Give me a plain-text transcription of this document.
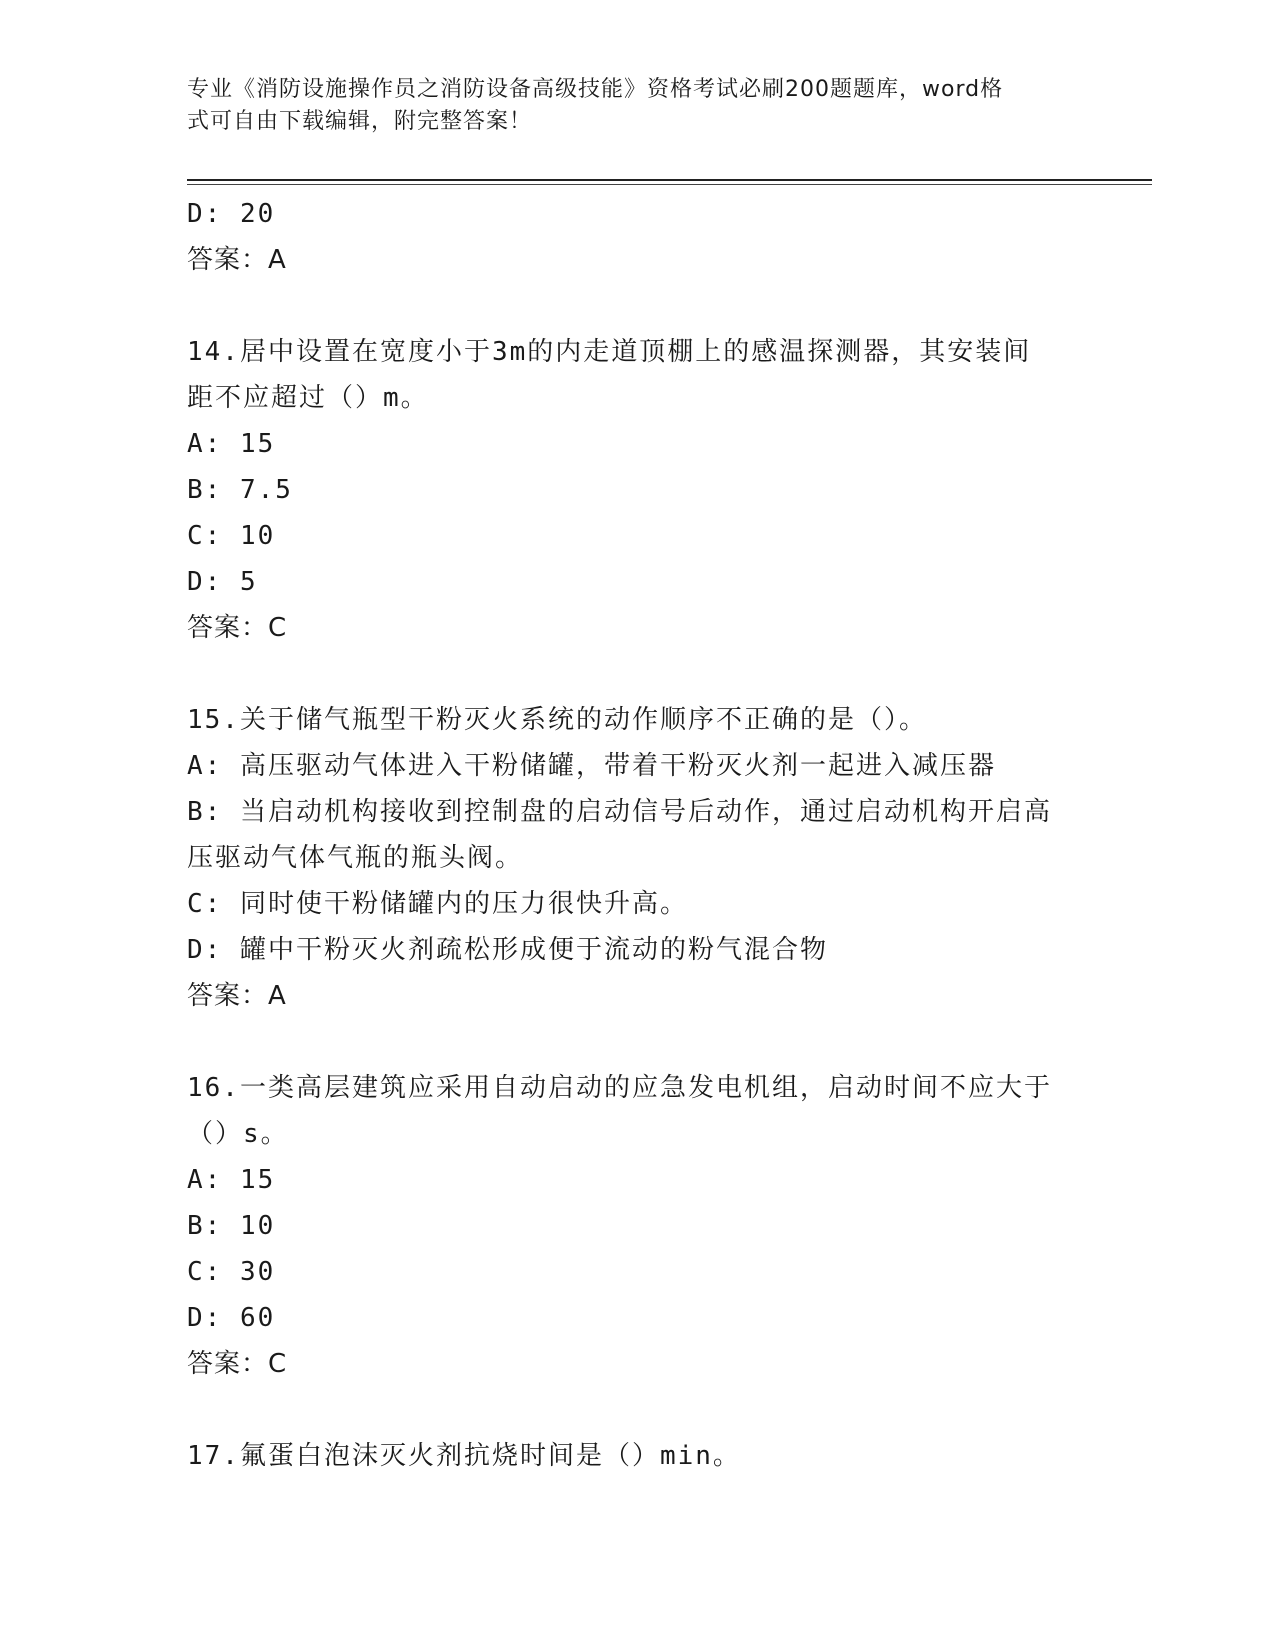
专业《消防设施操作员之消防设备高级技能》资格考试必刷200题题库，word格
式可自由下载编辑，附完整答案！
D: 20
答案：A
14.居中设置在宽度小于3m的内走道顶棚上的感温探测器，其安装间
距不应超过（）m。
A: 15
B: 7.5
C: 10
D: 5
答案：C
15.关于储气瓶型干粉灭火系统的动作顺序不正确的是（）。
A: 高压驱动气体进入干粉储罐，带着干粉灭火剂一起进入减压器
B: 当启动机构接收到控制盘的启动信号后动作，通过启动机构开启高
压驱动气体气瓶的瓶头阀。
C: 同时使干粉储罐内的压力很快升高。
D: 罐中干粉灭火剂疏松形成便于流动的粉气混合物
答案：A
16.一类高层建筑应采用自动启动的应急发电机组，启动时间不应大于
（）s。
A: 15
B: 10
C: 30
D: 60
答案：C
17.氟蛋白泡沫灭火剂抗烧时间是（）min。
